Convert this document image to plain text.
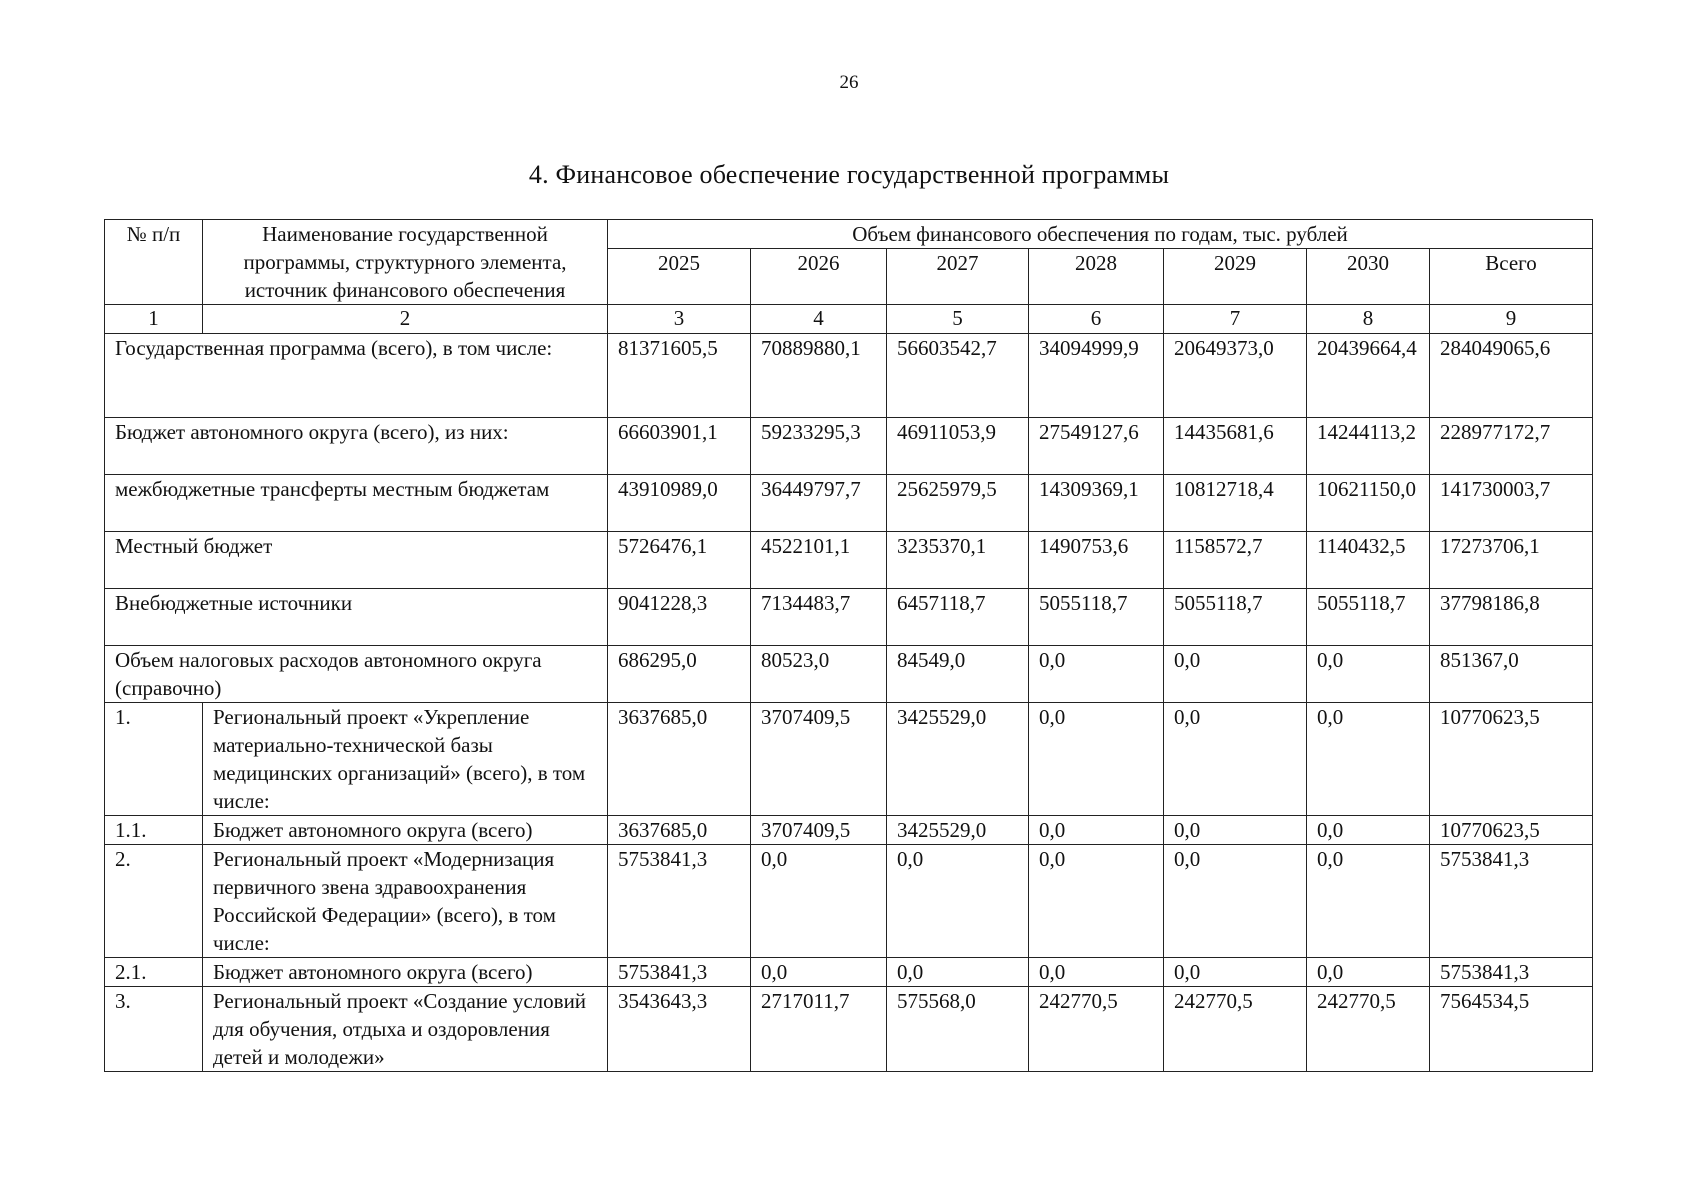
26
4. Финансовое обеспечение государственной программы
№ п/п	Наименование государственной программы, структурного элемента, источник финансового обеспечения	Объем финансового обеспечения по годам, тыс. рублей						
		2025	2026	2027	2028	2029	2030	Всего
1	2	3	4	5	6	7	8	9
Государственная программа (всего), в том числе:		81371605,5	70889880,1	56603542,7	34094999,9	20649373,0	20439664,4	284049065,6
Бюджет автономного округа (всего), из них:		66603901,1	59233295,3	46911053,9	27549127,6	14435681,6	14244113,2	228977172,7
межбюджетные трансферты местным бюджетам		43910989,0	36449797,7	25625979,5	14309369,1	10812718,4	10621150,0	141730003,7
Местный бюджет		5726476,1	4522101,1	3235370,1	1490753,6	1158572,7	1140432,5	17273706,1
Внебюджетные источники		9041228,3	7134483,7	6457118,7	5055118,7	5055118,7	5055118,7	37798186,8
Объем налоговых расходов автономного округа (справочно)		686295,0	80523,0	84549,0	0,0	0,0	0,0	851367,0
1.	Региональный проект «Укрепление материально-технической базы медицинских организаций» (всего), в том числе:	3637685,0	3707409,5	3425529,0	0,0	0,0	0,0	10770623,5
1.1.	Бюджет автономного округа (всего)	3637685,0	3707409,5	3425529,0	0,0	0,0	0,0	10770623,5
2.	Региональный проект «Модернизация первичного звена здравоохранения Российской Федерации» (всего), в том числе:	5753841,3	0,0	0,0	0,0	0,0	0,0	5753841,3
2.1.	Бюджет автономного округа (всего)	5753841,3	0,0	0,0	0,0	0,0	0,0	5753841,3
3.	Региональный проект «Создание условий для обучения, отдыха и оздоровления детей и молодежи»	3543643,3	2717011,7	575568,0	242770,5	242770,5	242770,5	7564534,5
